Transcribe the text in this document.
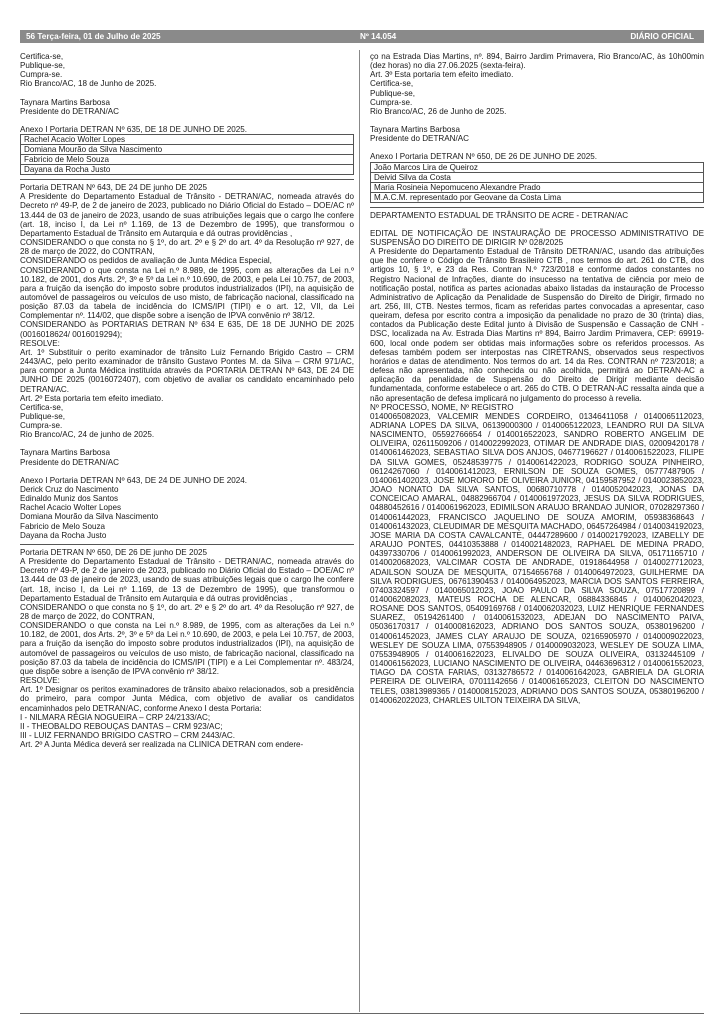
56 Terça-feira, 01 de Julho de 2025	Nº 14.054	DIÁRIO OFICIAL

Certifica-se,

Publique-se,

Cumpra-se.

Rio Branco/AC, 18 de Junho de 2025.

Taynara Martins Barbosa

Presidente do DETRAN/AC

Anexo I Portaria DETRAN Nº 635, DE 18 DE JUNHO DE 2025.

Rachel Acacio Wolter Lopes
Domiana Mourão da Silva Nascimento
Fabricio de Melo Souza
Dayana da Rocha Justo

Portaria DETRAN Nº 643, DE 24 DE junho DE 2025

A Presidente do Departamento Estadual de Trânsito - DETRAN/AC, nomeada através do Decreto nº 49-P, de 2 de janeiro de 2023, publicado no Diário Oficial do Estado – DOE/AC nº 13.444 de 03 de janeiro de 2023, usando de suas atribuições legais que o cargo lhe confere (art. 18, inciso I, da Lei nº 1.169, de 13 de Dezembro de 1995), que transformou o Departamento Estadual de Trânsito em Autarquia e dá outras providências ,

CONSIDERANDO o que consta no § 1º, do art. 2º e § 2º do art. 4º da Resolução nº 927, de 28 de março de 2022, do CONTRAN,

CONSIDERANDO os pedidos de avaliação de Junta Médica Especial,

CONSIDERANDO o que consta na Lei n.º 8.989, de 1995, com as alterações da Lei n.º 10.182, de 2001, dos Arts. 2º, 3º e 5º da Lei n.º 10.690, de 2003, e pela Lei 10.757, de 2003, para a fruição da isenção do imposto sobre produtos industrializados (IPI), na aquisição de automóvel de passageiros ou veículos de uso misto, de fabricação nacional, classificado na posição 87.03 da tabela de incidência do ICMS/IPI (TIPI) e o art. 12, VII, da Lei Complementar nº. 114/02, que dispõe sobre a isenção de IPVA convênio nº 38/12.

CONSIDERANDO às PORTARIAS DETRAN Nº 634 E 635, DE 18 DE JUNHO DE 2025 (0016018624/ 0016019294);

RESOLVE:

Art. 1º Substituir o perito examinador de trânsito Luiz Fernando Brigido Castro – CRM 2443/AC, pelo perito examinador de trânsito Gustavo Pontes M. da Silva – CRM 971/AC, para compor a Junta Médica instituída através da PORTARIA DETRAN Nº 643, DE 24 DE JUNHO DE 2025 (0016072407), com objetivo de avaliar os candidato encaminhado pelo DETRAN/AC.

Art. 2º Esta portaria tem efeito imediato.

Certifica-se,

Publique-se,

Cumpra-se.

Rio Branco/AC, 24 de junho de 2025.

Taynara Martins Barbosa

Presidente do DETRAN/AC

Anexo I Portaria DETRAN Nº 643, DE 24 DE JUNHO DE 2024.

Derick Cruz do Nascimento

Edinaldo Muniz dos Santos

Rachel Acacio Wolter Lopes

Domiana Mourão da Silva Nascimento

Fabricio de Melo Souza

Dayana da Rocha Justo

Portaria DETRAN Nº 650, DE 26 DE junho DE 2025

A Presidente do Departamento Estadual de Trânsito - DETRAN/AC, nomeada através do Decreto nº 49-P, de 2 de janeiro de 2023, publicado no Diário Oficial do Estado – DOE/AC nº 13.444 de 03 de janeiro de 2023, usando de suas atribuições legais que o cargo lhe confere (art. 18, inciso I, da Lei nº 1.169, de 13 de Dezembro de 1995), que transformou o Departamento Estadual de Trânsito em Autarquia e dá outras providências ,

CONSIDERANDO o que consta no § 1º, do art. 2º e § 2º do art. 4º da Resolução nº 927, de 28 de março de 2022, do CONTRAN,

CONSIDERANDO o que consta na Lei n.º 8.989, de 1995, com as alterações da Lei n.º 10.182, de 2001, dos Arts. 2º, 3º e 5º da Lei n.º 10.690, de 2003, e pela Lei 10.757, de 2003, para a fruição da isenção do imposto sobre produtos industrializados (IPI), na aquisição de automóvel de passageiros ou veículos de uso misto, de fabricação nacional, classificado na posição 87.03 da tabela de incidência do ICMS/IPI (TIPI) e a Lei Complementar nº. 483/24, que dispõe sobre a isenção de IPVA convênio nº 38/12.

RESOLVE:

Art. 1º Designar os peritos examinadores de trânsito abaixo relacionados, sob a presidência do primeiro, para compor Junta Médica, com objetivo de avaliar os candidatos encaminhados pelo DETRAN/AC, conforme Anexo I desta Portaria:

I - NILMARA RÉGIA NOGUEIRA – CRP 24/2133/AC;

II - THEOBALDO REBOUÇAS DANTAS – CRM 923/AC;

III - LUIZ FERNANDO BRIGIDO CASTRO – CRM 2443/AC.

Art. 2º A Junta Médica deverá ser realizada na CLINICA DETRAN com endere-

ço na Estrada Dias Martins, nº. 894, Bairro Jardim Primavera, Rio Branco/AC, às 10h00min (dez horas) no dia 27.06.2025 (sexta-feira).

Art. 3º Esta portaria tem efeito imediato.

Certifica-se,

Publique-se,

Cumpra-se.

Rio Branco/AC, 26 de Junho de 2025.

Taynara Martins Barbosa

Presidente do DETRAN/AC

Anexo I Portaria DETRAN Nº 650, DE 26 DE JUNHO DE 2025.

João Marcos Lira de Queiroz
Deivid Silva da Costa
Maria Rosineia Nepomuceno Alexandre Prado
M.A.C.M. representado por Geovane da Costa Lima

DEPARTAMENTO ESTADUAL DE TRÂNSITO DE ACRE - DETRAN/AC

EDITAL DE NOTIFICAÇÃO DE INSTAURAÇÃO DE PROCESSO ADMINISTRATIVO DE SUSPENSÃO DO DIREITO DE DIRIGIR Nº 028/2025

A Presidente do Departamento Estadual de Trânsito DETRAN/AC, usando das atribuições que lhe confere o Código de Trânsito Brasileiro CTB , nos termos do art. 261 do CTB, dos artigos 10, § 1º, e 23 da Res. Contran N.º 723/2018 e conforme dados constantes no Registro Nacional de Infrações, diante do insucesso na tentativa de ciência por meio de notificação postal, notifica as partes acionadas abaixo listadas da instauração de Processo Administrativo de Aplicação da Penalidade de Suspensão do Direito de Dirigir, firmado no art. 256, III, CTB. Nestes termos, ficam as referidas partes convocadas a apresentar, caso queiram, defesa por escrito contra a imposição da penalidade no prazo de 30 (trinta) dias, contados da Publicação deste Edital junto à Divisão de Suspensão e Cassação de CNH - DSC, localizada na Av. Estrada Dias Martins nº 894, Bairro Jardim Primavera, CEP: 69919-600, local onde podem ser obtidas mais informações sobre os referidos processos. As defesas também podem ser interpostas nas CIRETRANS, observados seus respectivos horários e datas de atendimento. Nos termos do art. 14 da Res. CONTRAN nº 723/2018; a defesa não apresentada, não conhecida ou não acolhida, permitirá ao DETRAN-AC a aplicação da penalidade de Suspensão do Direito de Dirigir mediante decisão fundamentada, conforme estabelece o art. 265 do CTB. O DETRAN-AC ressalta ainda que a não apresentação de defesa implicará no julgamento do processo à revelia.

Nº PROCESSO, NOME, Nº REGISTRO

0140065082023, VALCEMIR MENDES CORDEIRO, 01346411058 / 0140065112023, ADRIANA LOPES DA SILVA, 06139000300 / 0140065122023, LEANDRO RUI DA SILVA NASCIMENTO, 05592766654 / 0140016522023, SANDRO ROBERTO ANGELIM DE OLIVEIRA, 02611509206 / 0140022992023, OTIMAR DE ANDRADE DIAS, 02009420178 / 0140061462023, SEBASTIAO SILVA DOS ANJOS, 04677196627 / 0140061522023, FILIPE DA SILVA GOMES, 05248539775 / 0140061422023, RODRIGO SOUZA PINHEIRO, 06124267060 / 0140061412023, ERNILSON DE SOUZA GOMES, 05777487905 / 0140061402023, JOSE MORORO DE OLIVEIRA JUNIOR, 04159587952 / 0140023852023, JOAO NONATO DA SILVA SANTOS, 00680710778 / 0140052042023, JONAS DA CONCEICAO AMARAL, 04882966704 / 0140061972023, JESUS DA SILVA RODRIGUES, 04880452616 / 0140061962023, EDIMILSON ARAUJO BRANDAO JUNIOR, 07028297360 / 0140061442023, FRANCISCO JAQUELINO DE SOUZA AMORIM, 05938368643 / 0140061432023, CLEUDIMAR DE MESQUITA MACHADO, 06457264984 / 0140034192023, JOSE MARIA DA COSTA CAVALCANTE, 04447289600 / 0140021792023, IZABELLY DE ARAUJO PONTES, 04410353888 / 0140021482023, RAPHAEL DE MEDINA PRADO, 04397330706 / 0140061992023, ANDERSON DE OLIVEIRA DA SILVA, 05171165710 / 0140020682023, VALCIMAR COSTA DE ANDRADE, 01918644958 / 0140027712023, ADAILSON SOUZA DE MESQUITA, 07154656768 / 0140064972023, GUILHERME DA SILVA RODRIGUES, 06761390453 / 0140064952023, MARCIA DOS SANTOS FERREIRA, 07403324597 / 0140065012023, JOAO PAULO DA SILVA SOUZA, 07517720899 / 0140062082023, MATEUS ROCHA DE ALENCAR, 06884336845 / 0140062042023, ROSANE DOS SANTOS, 05409169768 / 0140062032023, LUIZ HENRIQUE FERNANDES SUAREZ, 05194261400 / 0140061532023, ADEJAN DO NASCIMENTO PAIVA, 05036170317 / 0140008162023, ADRIANO DOS SANTOS SOUZA, 05380196200 / 0140061452023, JAMES CLAY ARAUJO DE SOUZA, 02165905970 / 0140009022023, WESLEY DE SOUZA LIMA, 07553948905 / 0140009032023, WESLEY DE SOUZA LIMA, 07553948905 / 0140061622023, ELIVALDO DE SOUZA OLIVEIRA, 03132445109 / 0140061562023, LUCIANO NASCIMENTO DE OLIVEIRA, 04463696312 / 0140061552023, TIAGO DA COSTA FARIAS, 03132786572 / 0140061642023, GABRIELA DA GLORIA PEREIRA DE OLIVEIRA, 07011142656 / 0140061652023, CLEITON DO NASCIMENTO TELES, 03813989365 / 0140008152023, ADRIANO DOS SANTOS SOUZA, 05380196200 / 0140062022023, CHARLES UILTON TEIXEIRA DA SILVA,
